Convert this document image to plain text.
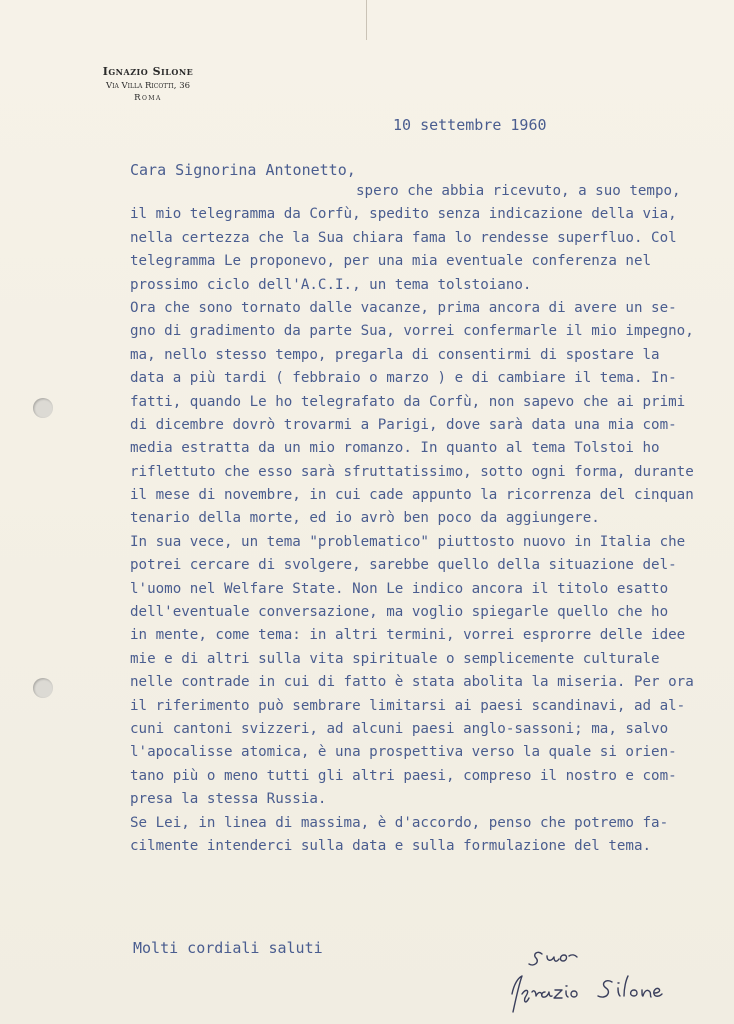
Ignazio Silone
Via Villa Ricotti, 36
Roma
10 settembre 1960
Cara Signorina Antonetto,
spero che abbia ricevuto, a suo tempo,
il mio telegramma da Corfù, spedito senza indicazione della via,
nella certezza che la Sua chiara fama lo rendesse superfluo. Col
telegramma Le proponevo, per una mia eventuale conferenza nel
prossimo ciclo dell'A.C.I., un tema tolstoiano.
Ora che sono tornato dalle vacanze, prima ancora di avere un se-
gno di gradimento da parte Sua, vorrei confermarle il mio impegno,
ma, nello stesso tempo, pregarla di consentirmi di spostare la
data a più tardi ( febbraio o marzo ) e di cambiare il tema. In-
fatti, quando Le ho telegrafato da Corfù, non sapevo che ai primi
di dicembre dovrò trovarmi a Parigi, dove sarà data una mia com-
media estratta da un mio romanzo. In quanto al tema Tolstoi ho
riflettuto che esso sarà sfruttatissimo, sotto ogni forma, durante
il mese di novembre, in cui cade appunto la ricorrenza del cinquan
tenario della morte, ed io avrò ben poco da aggiungere.
In sua vece, un tema "problematico" piuttosto nuovo in Italia che
potrei cercare di svolgere, sarebbe quello della situazione del-
l'uomo nel Welfare State. Non Le indico ancora il titolo esatto
dell'eventuale conversazione, ma voglio spiegarle quello che ho
in mente, come tema: in altri termini, vorrei esprorre delle idee
mie e di altri sulla vita spirituale o semplicemente culturale
nelle contrade in cui di fatto è stata abolita la miseria. Per ora
il riferimento può sembrare limitarsi ai paesi scandinavi, ad al-
cuni cantoni svizzeri, ad alcuni paesi anglo-sassoni; ma, salvo
l'apocalisse atomica, è una prospettiva verso la quale si orien-
tano più o meno tutti gli altri paesi, compreso il nostro e com-
presa la stessa Russia.
Se Lei, in linea di massima, è d'accordo, penso che potremo fa-
cilmente intenderci sulla data e sulla formulazione del tema.
Molti cordiali saluti
